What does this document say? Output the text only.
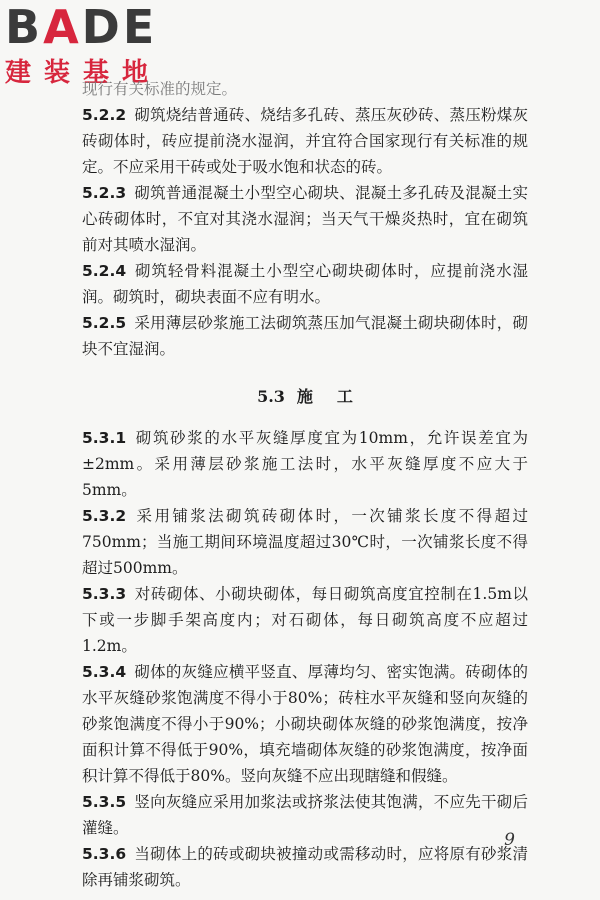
BADE
建装基地

现行有关标准的规定。

5.2.2 砌筑烧结普通砖、烧结多孔砖、蒸压灰砂砖、蒸压粉煤灰砖砌体时，砖应提前浇水湿润，并宜符合国家现行有关标准的规定。不应采用干砖或处于吸水饱和状态的砖。

5.2.3 砌筑普通混凝土小型空心砌块、混凝土多孔砖及混凝土实心砖砌体时，不宜对其浇水湿润；当天气干燥炎热时，宜在砌筑前对其喷水湿润。

5.2.4 砌筑轻骨料混凝土小型空心砌块砌体时，应提前浇水湿润。砌筑时，砌块表面不应有明水。

5.2.5 采用薄层砂浆施工法砌筑蒸压加气混凝土砌块砌体时，砌块不宜湿润。

5.3 施 工

5.3.1 砌筑砂浆的水平灰缝厚度宜为10mm，允许误差宜为±2mm。采用薄层砂浆施工法时，水平灰缝厚度不应大于5mm。

5.3.2 采用铺浆法砌筑砖砌体时，一次铺浆长度不得超过750mm；当施工期间环境温度超过30℃时，一次铺浆长度不得超过500mm。

5.3.3 对砖砌体、小砌块砌体，每日砌筑高度宜控制在1.5m以下或一步脚手架高度内；对石砌体，每日砌筑高度不应超过1.2m。

5.3.4 砌体的灰缝应横平竖直、厚薄均匀、密实饱满。砖砌体的水平灰缝砂浆饱满度不得小于80%；砖柱水平灰缝和竖向灰缝的砂浆饱满度不得小于90%；小砌块砌体灰缝的砂浆饱满度，按净面积计算不得低于90%，填充墙砌体灰缝的砂浆饱满度，按净面积计算不得低于80%。竖向灰缝不应出现瞎缝和假缝。

5.3.5 竖向灰缝应采用加浆法或挤浆法使其饱满，不应先干砌后灌缝。

5.3.6 当砌体上的砖或砌块被撞动或需移动时，应将原有砂浆清除再铺浆砌筑。

9
